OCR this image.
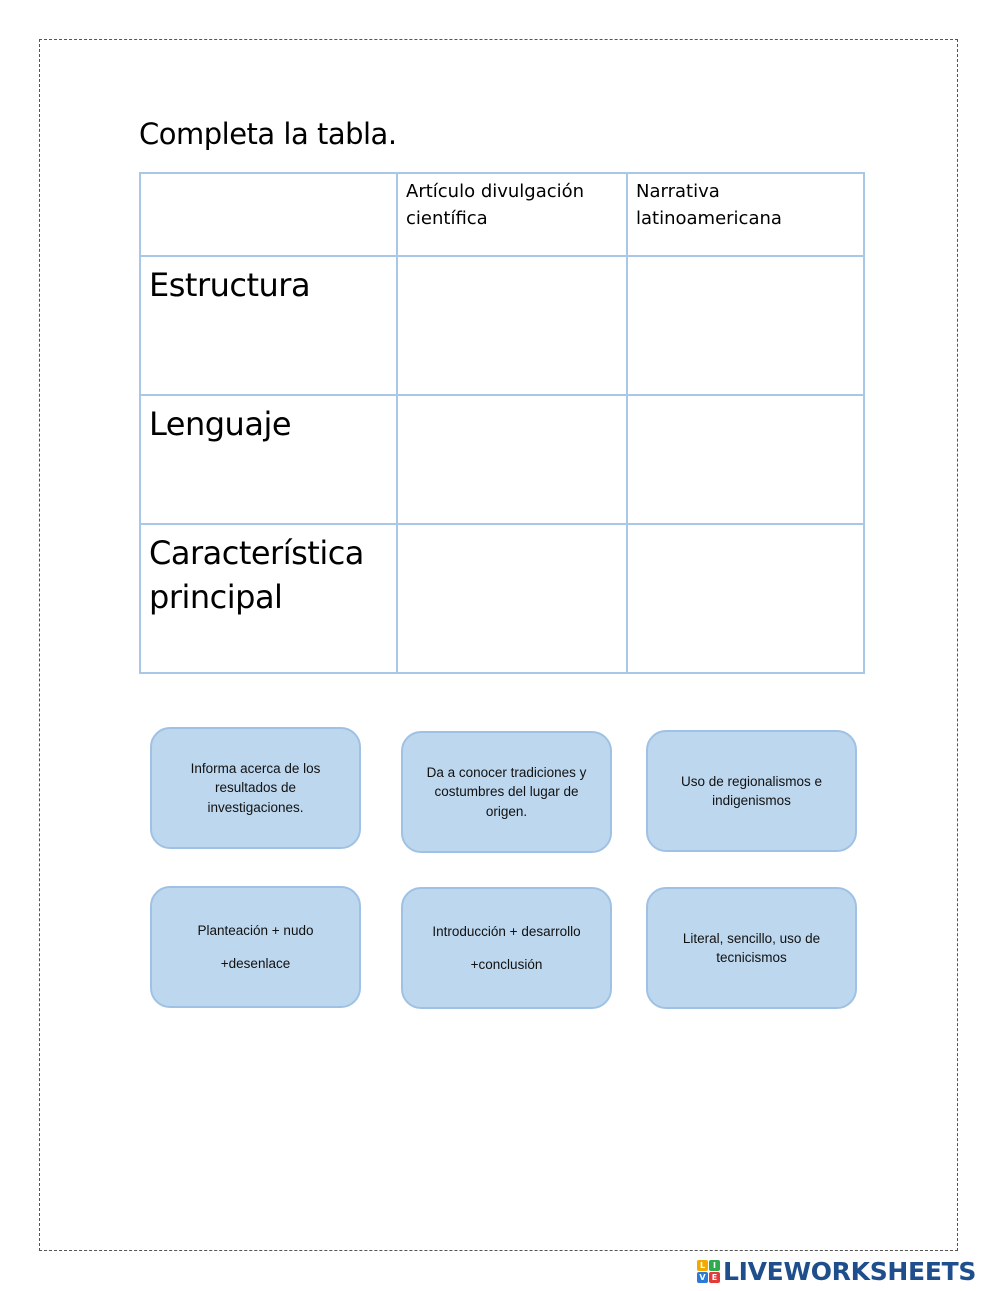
Completa la tabla.
	Artículo divulgación científica	Narrativa latinoamericana
Estructura		
Lenguaje		
Característica principal		
Informa acerca de los resultados de investigaciones.
Da a conocer tradiciones y costumbres del lugar de origen.
Uso de regionalismos e indigenismos
Planteación + nudo
+desenlace
Introducción + desarrollo
+conclusión
Literal, sencillo, uso de tecnicismos
L I
V E LIVEWORKSHEETS
